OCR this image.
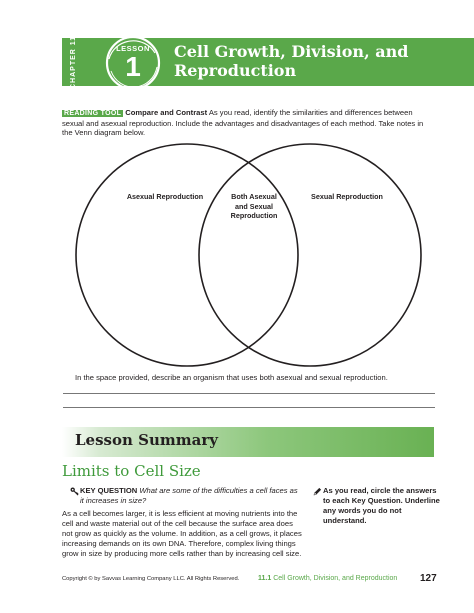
CHAPTER 11	LESSON
1	Cell Growth, Division, and Reproduction
READING TOOL Compare and Contrast As you read, identify the similarities and differences between sexual and asexual reproduction. Include the advantages and disadvantages of each method. Take notes in the Venn diagram below.
Asexual Reproduction	Both Asexual and Sexual Reproduction
Sexual Reproduction
In the space provided, describe an organism that uses both asexual and sexual reproduction.
Lesson Summary
Limits to Cell Size
KEY QUESTION What are some of the difficulties a cell faces as it increases in size?
As a cell becomes larger, it is less efficient at moving nutrients into the cell and waste material out of the cell because the surface area does not grow as quickly as the volume. In addition, as a cell grows, it places increasing demands on its own DNA. Therefore, complex living things grow in size by producing more cells rather than by increasing cell size.
As you read, circle the answers to each Key Question. Underline any words you do not understand.
Copyright © by Savvas Learning Company LLC. All Rights Reserved.	11.1 Cell Growth, Division, and Reproduction 127
